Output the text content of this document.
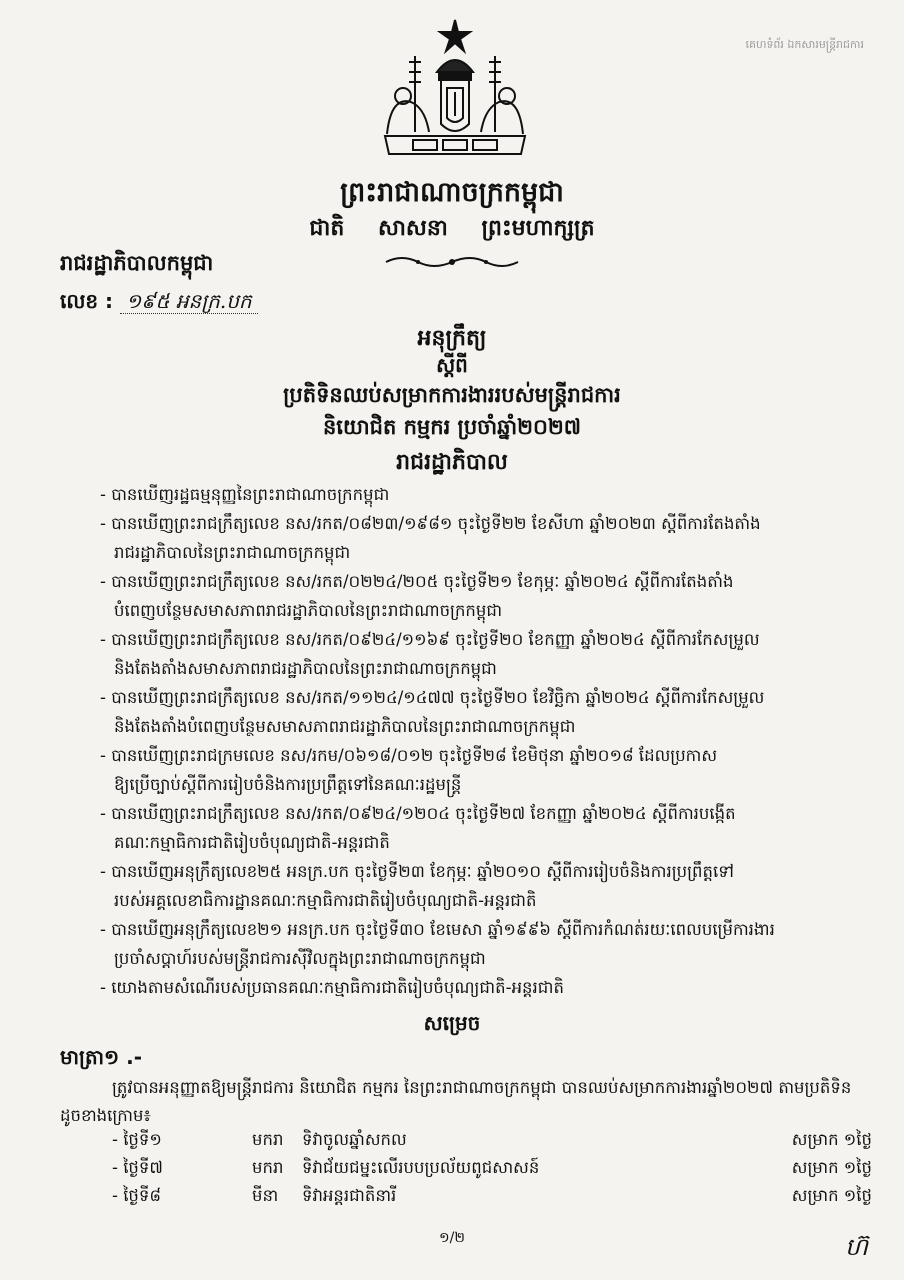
គេហទំព័រ ឯកសារមន្ត្រីរាជការ
ព្រះរាជាណាចក្រកម្ពុជា
ជាតិ សាសនា ព្រះមហាក្សត្រ
រាជរដ្ឋាភិបាលកម្ពុជា
លេខ : ១៩៥ អនក្រ.បក
អនុក្រឹត្យ
ស្តីពី
ប្រតិទិនឈប់សម្រាកការងាររបស់មន្ត្រីរាជការ
និយោជិត កម្មករ ប្រចាំឆ្នាំ២០២៧
រាជរដ្ឋាភិបាល
- បានឃើញរដ្ឋធម្មនុញ្ញនៃព្រះរាជាណាចក្រកម្ពុជា
- បានឃើញព្រះរាជក្រឹត្យលេខ នស/រកត/០៨២៣/១៩៨១ ចុះថ្ងៃទី២២ ខែសីហា ឆ្នាំ២០២៣ ស្តីពីការតែងតាំង
រាជរដ្ឋាភិបាលនៃព្រះរាជាណាចក្រកម្ពុជា
- បានឃើញព្រះរាជក្រឹត្យលេខ នស/រកត/០២២៤/២០៥ ចុះថ្ងៃទី២១ ខែកុម្ភៈ ឆ្នាំ២០២៤ ស្តីពីការតែងតាំង
បំពេញបន្ថែមសមាសភាពរាជរដ្ឋាភិបាលនៃព្រះរាជាណាចក្រកម្ពុជា
- បានឃើញព្រះរាជក្រឹត្យលេខ នស/រកត/០៩២៤/១១៦៩ ចុះថ្ងៃទី២០ ខែកញ្ញា ឆ្នាំ២០២៤ ស្តីពីការកែសម្រួល
និងតែងតាំងសមាសភាពរាជរដ្ឋាភិបាលនៃព្រះរាជាណាចក្រកម្ពុជា
- បានឃើញព្រះរាជក្រឹត្យលេខ នស/រកត/១១២៤/១៤៧៧ ចុះថ្ងៃទី២០ ខែវិច្ឆិកា ឆ្នាំ២០២៤ ស្តីពីការកែសម្រួល
និងតែងតាំងបំពេញបន្ថែមសមាសភាពរាជរដ្ឋាភិបាលនៃព្រះរាជាណាចក្រកម្ពុជា
- បានឃើញព្រះរាជក្រមលេខ នស/រកម/០៦១៨/០១២ ចុះថ្ងៃទី២៨ ខែមិថុនា ឆ្នាំ២០១៨ ដែលប្រកាស
ឱ្យប្រើច្បាប់ស្តីពីការរៀបចំនិងការប្រព្រឹត្តទៅនៃគណៈរដ្ឋមន្ត្រី
- បានឃើញព្រះរាជក្រឹត្យលេខ នស/រកត/០៩២៤/១២០៤ ចុះថ្ងៃទី២៧ ខែកញ្ញា ឆ្នាំ២០២៤ ស្តីពីការបង្កើត
គណៈកម្មាធិការជាតិរៀបចំបុណ្យជាតិ-អន្តរជាតិ
- បានឃើញអនុក្រឹត្យលេខ២៥ អនក្រ.បក ចុះថ្ងៃទី២៣ ខែកុម្ភៈ ឆ្នាំ២០១០ ស្តីពីការរៀបចំនិងការប្រព្រឹត្តទៅ
របស់អគ្គលេខាធិការដ្ឋានគណៈកម្មាធិការជាតិរៀបចំបុណ្យជាតិ-អន្តរជាតិ
- បានឃើញអនុក្រឹត្យលេខ២១ អនក្រ.បក ចុះថ្ងៃទី៣០ ខែមេសា ឆ្នាំ១៩៩៦ ស្តីពីការកំណត់រយៈពេលបម្រើការងារ
ប្រចាំសប្តាហ៍របស់មន្ត្រីរាជការស៊ីវិលក្នុងព្រះរាជាណាចក្រកម្ពុជា
- យោងតាមសំណើរបស់ប្រធានគណៈកម្មាធិការជាតិរៀបចំបុណ្យជាតិ-អន្តរជាតិ
សម្រេច
មាត្រា១ .-
ត្រូវបានអនុញ្ញាតឱ្យមន្ត្រីរាជការ និយោជិត កម្មករ នៃព្រះរាជាណាចក្រកម្ពុជា បានឈប់សម្រាកការងារឆ្នាំ២០២៧ តាមប្រតិទិន ដូចខាងក្រោម៖
- ថ្ងៃទី១	មករា	ទិវាចូលឆ្នាំសកល	សម្រាក ១ថ្ងៃ
- ថ្ងៃទី៧	មករា	ទិវាជ័យជម្នះលើរបបប្រល័យពូជសាសន៍	សម្រាក ១ថ្ងៃ
- ថ្ងៃទី៨	មីនា	ទិវាអន្តរជាតិនារី	សម្រាក ១ថ្ងៃ
១/២	ហ៊
